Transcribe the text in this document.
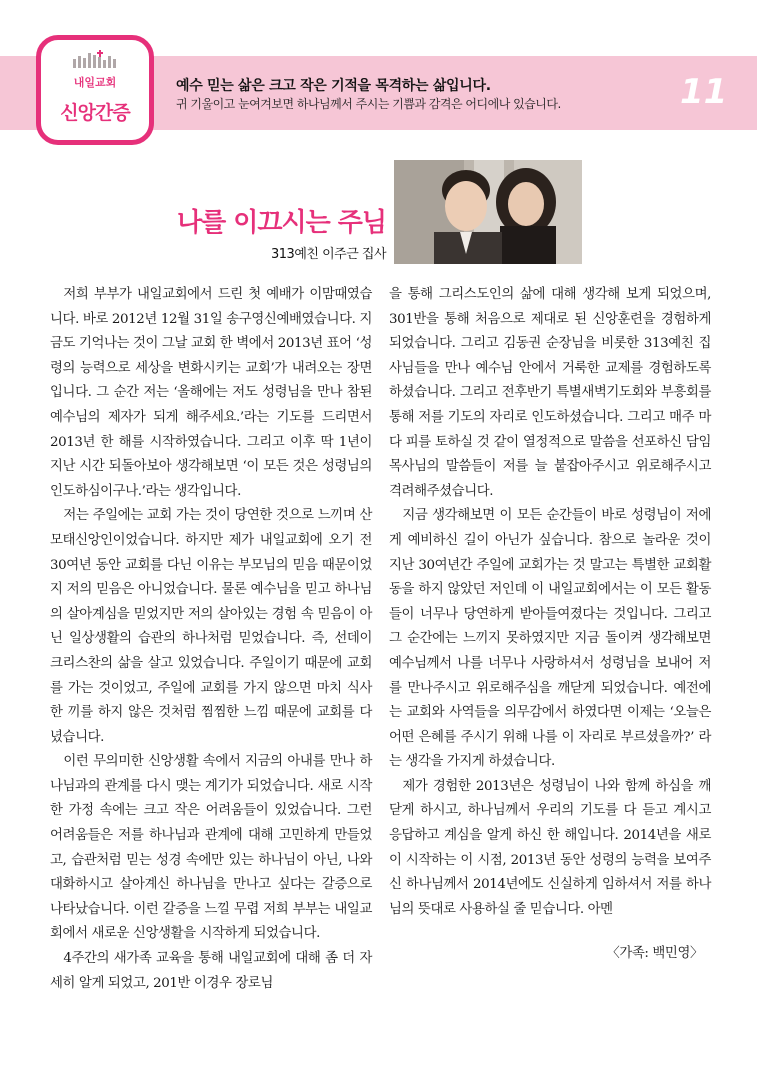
내일교회
신앙간증
예수 믿는 삶은 크고 작은 기적을 목격하는 삶입니다.
귀 기울이고 눈여겨보면 하나님께서 주시는 기쁨과 감격은 어디에나 있습니다.	11
나를 이끄시는 주님
313예친 이주근 집사

저희 부부가 내일교회에서 드린 첫 예배가 이맘때였습니다. 바로 2012년 12월 31일 송구영신예배였습니다. 지금도 기억나는 것이 그날 교회 한 벽에서 2013년 표어 ‘성령의 능력으로 세상을 변화시키는 교회’가 내려오는 장면입니다. 그 순간 저는 ‘올해에는 저도 성령님을 만나 참된 예수님의 제자가 되게 해주세요.’라는 기도를 드리면서 2013년 한 해를 시작하였습니다. 그리고 이후 딱 1년이 지난 시간 되돌아보아 생각해보면 ‘이 모든 것은 성령님의 인도하심이구나.’라는 생각입니다.

저는 주일에는 교회 가는 것이 당연한 것으로 느끼며 산 모태신앙인이었습니다. 하지만 제가 내일교회에 오기 전 30여년 동안 교회를 다닌 이유는 부모님의 믿음 때문이었지 저의 믿음은 아니었습니다. 물론 예수님을 믿고 하나님의 살아계심을 믿었지만 저의 살아있는 경험 속 믿음이 아닌 일상생활의 습관의 하나처럼 믿었습니다. 즉, 선데이 크리스찬의 삶을 살고 있었습니다. 주일이기 때문에 교회를 가는 것이었고, 주일에 교회를 가지 않으면 마치 식사 한 끼를 하지 않은 것처럼 찜찜한 느낌 때문에 교회를 다녔습니다.

이런 무의미한 신앙생활 속에서 지금의 아내를 만나 하나님과의 관계를 다시 맺는 계기가 되었습니다. 새로 시작한 가정 속에는 크고 작은 어려움들이 있었습니다. 그런 어려움들은 저를 하나님과 관계에 대해 고민하게 만들었고, 습관처럼 믿는 성경 속에만 있는 하나님이 아닌, 나와 대화하시고 살아계신 하나님을 만나고 싶다는 갈증으로 나타났습니다. 이런 갈증을 느낄 무렵 저희 부부는 내일교회에서 새로운 신앙생활을 시작하게 되었습니다.

4주간의 새가족 교육을 통해 내일교회에 대해 좀 더 자세히 알게 되었고, 201반 이경우 장로님

을 통해 그리스도인의 삶에 대해 생각해 보게 되었으며, 301반을 통해 처음으로 제대로 된 신앙훈련을 경험하게 되었습니다. 그리고 김동권 순장님을 비롯한 313예친 집사님들을 만나 예수님 안에서 거룩한 교제를 경험하도록 하셨습니다. 그리고 전후반기 특별새벽기도회와 부흥회를 통해 저를 기도의 자리로 인도하셨습니다. 그리고 매주 마다 피를 토하실 것 같이 열정적으로 말씀을 선포하신 담임목사님의 말씀들이 저를 늘 붙잡아주시고 위로해주시고 격려해주셨습니다.

지금 생각해보면 이 모든 순간들이 바로 성령님이 저에게 예비하신 길이 아닌가 싶습니다. 참으로 놀라운 것이 지난 30여년간 주일에 교회가는 것 말고는 특별한 교회활동을 하지 않았던 저인데 이 내일교회에서는 이 모든 활동들이 너무나 당연하게 받아들여졌다는 것입니다. 그리고 그 순간에는 느끼지 못하였지만 지금 돌이켜 생각해보면 예수님께서 나를 너무나 사랑하셔서 성령님을 보내어 저를 만나주시고 위로해주심을 깨닫게 되었습니다. 예전에는 교회와 사역들을 의무감에서 하였다면 이제는 ‘오늘은 어떤 은혜를 주시기 위해 나를 이 자리로 부르셨을까?’ 라는 생각을 가지게 하셨습니다.

제가 경험한 2013년은 성령님이 나와 함께 하심을 깨닫게 하시고, 하나님께서 우리의 기도를 다 듣고 계시고 응답하고 계심을 알게 하신 한 해입니다. 2014년을 새로이 시작하는 이 시점, 2013년 동안 성령의 능력을 보여주신 하나님께서 2014년에도 신실하게 임하셔서 저를 하나님의 뜻대로 사용하실 줄 믿습니다. 아멘

〈가족: 백민영〉
